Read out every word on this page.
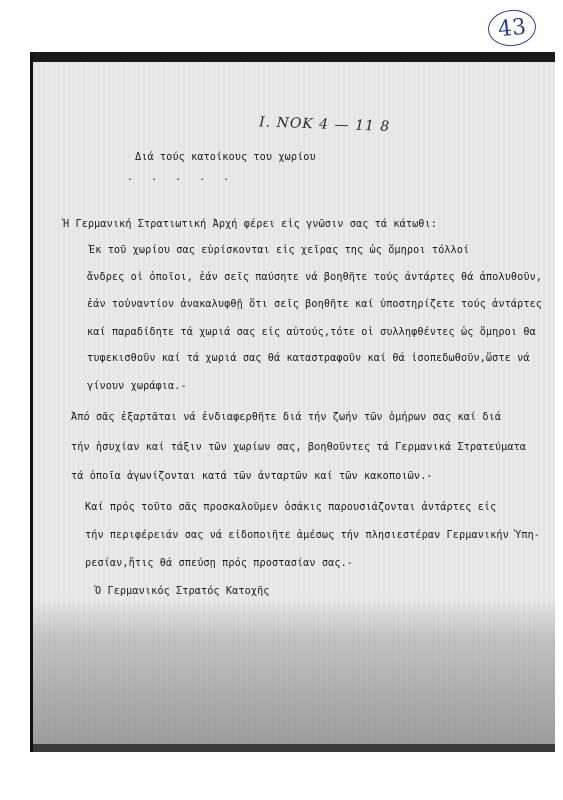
43
I. ΝΟΚ 4 — 11 8
Διά τούς κατοίκους του χωρίου
. . . . .
Ἡ Γερμανική Στρατιωτική Ἀρχή φέρει εἰς γνῶσιν σας τά κάτωθι:
Ἐκ τοῦ χωρίου σας εὑρίσκονται εἰς χεῖρας της ὡς ὅμηροι τόλλοί
ἄνδρες οἱ ὁποῖοι, ἐάν σεῖς παύσητε νά βοηθῆτε τούς ἀντάρτες θά ἀπολυθοῦν,
ἐάν τοὐναντίον ἀνακαλυφθῇ ὅτι σεῖς βοηθῆτε καί ὑποστηρίζετε τούς ἀντάρτες
καί παραδίδητε τά χωριά σας εἰς αὐτούς,τότε οἱ συλληφθέντες ὡς ὅμηροι θα
τυφεκισθοῦν καί τά χωριά σας θά καταστραφοῦν καί θά ἰσοπεδωθοῦν,ὥστε νά
γίνουν χωράφια.-
Ἀπό σᾶς ἐξαρτᾶται νά ἐνδιαφερθῆτε διά τήν ζωήν τῶν ὁμήρων σας καί διά
τήν ἡσυχίαν καί τάξιν τῶν χωρίων σας, βοηθοῦντες τά Γερμανικά Στρατεύματα
τά ὁποῖα ἀγωνίζονται κατά τῶν ἀνταρτῶν καί τῶν κακοποιῶν.-
Καί πρός τοῦτο σᾶς προσκαλοῦμεν ὁσάκις παρουσιάζονται ἀντάρτες εἰς
τήν περιφέρειάν σας νά εἰδοποιῆτε ἀμέσως τήν πλησιεστέραν Γερμανικήν Ὑπη-
ρεσίαν,ἥτις θά σπεύσῃ πρός προστασίαν σας.-
Ὁ Γερμανικός Στρατός Κατοχῆς
